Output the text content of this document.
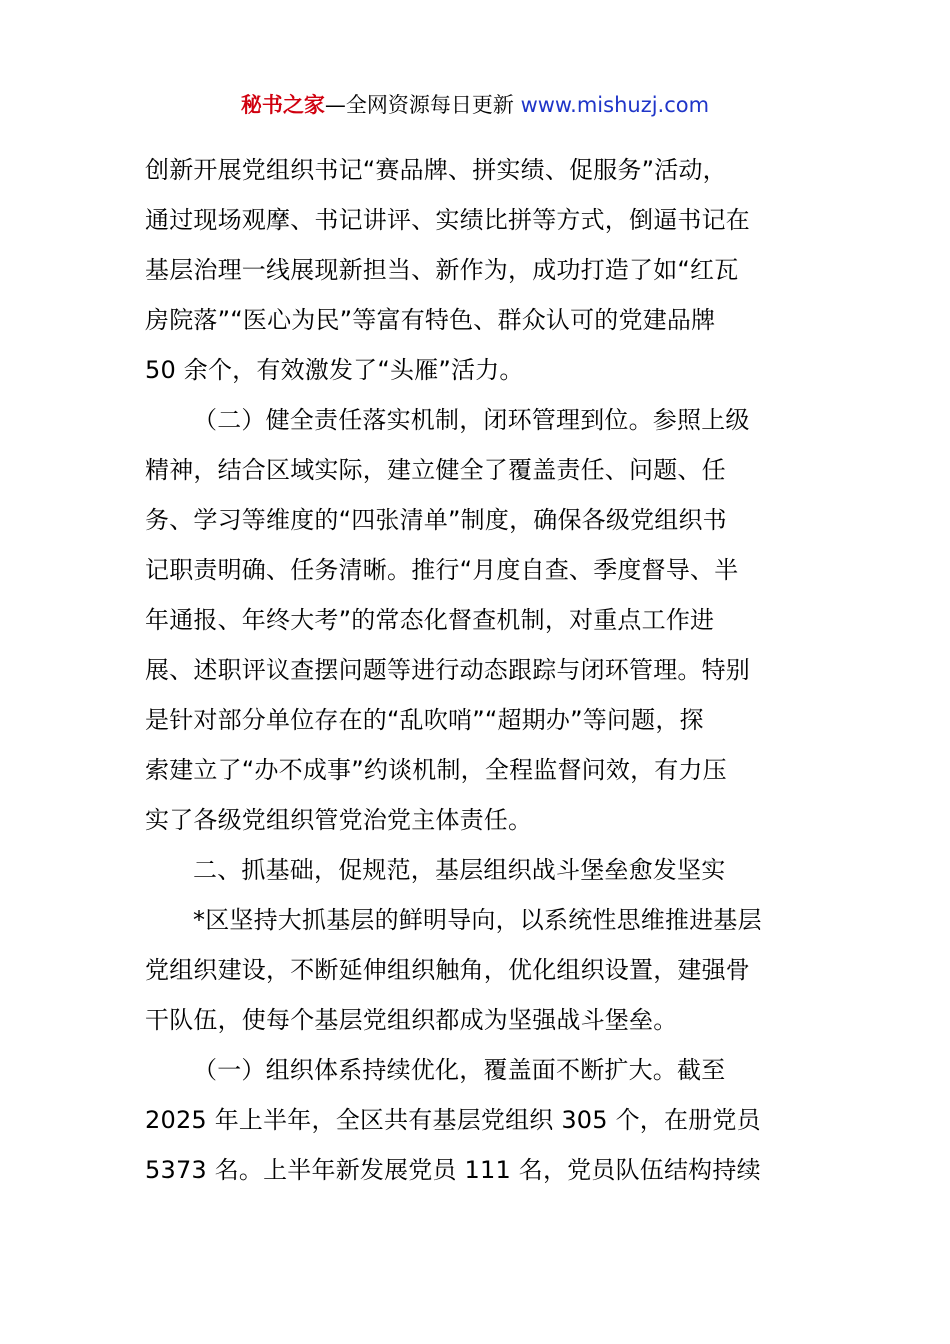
秘书之家—全网资源每日更新 www.mishuzj.com
创新开展党组织书记“赛品牌、拼实绩、促服务”活动，
通过现场观摩、书记讲评、实绩比拼等方式，倒逼书记在
基层治理一线展现新担当、新作为，成功打造了如“红瓦
房院落”“医心为民”等富有特色、群众认可的党建品牌
50 余个，有效激发了“头雁”活力。
（二）健全责任落实机制，闭环管理到位。参照上级
精神，结合区域实际，建立健全了覆盖责任、问题、任
务、学习等维度的“四张清单”制度，确保各级党组织书
记职责明确、任务清晰。推行“月度自查、季度督导、半
年通报、年终大考”的常态化督查机制，对重点工作进
展、述职评议查摆问题等进行动态跟踪与闭环管理。特别
是针对部分单位存在的“乱吹哨”“超期办”等问题，探
索建立了“办不成事”约谈机制，全程监督问效，有力压
实了各级党组织管党治党主体责任。
二、抓基础，促规范，基层组织战斗堡垒愈发坚实
*区坚持大抓基层的鲜明导向，以系统性思维推进基层
党组织建设，不断延伸组织触角，优化组织设置，建强骨
干队伍，使每个基层党组织都成为坚强战斗堡垒。
（一）组织体系持续优化，覆盖面不断扩大。截至
2025 年上半年，全区共有基层党组织 305 个，在册党员
5373 名。上半年新发展党员 111 名，党员队伍结构持续
